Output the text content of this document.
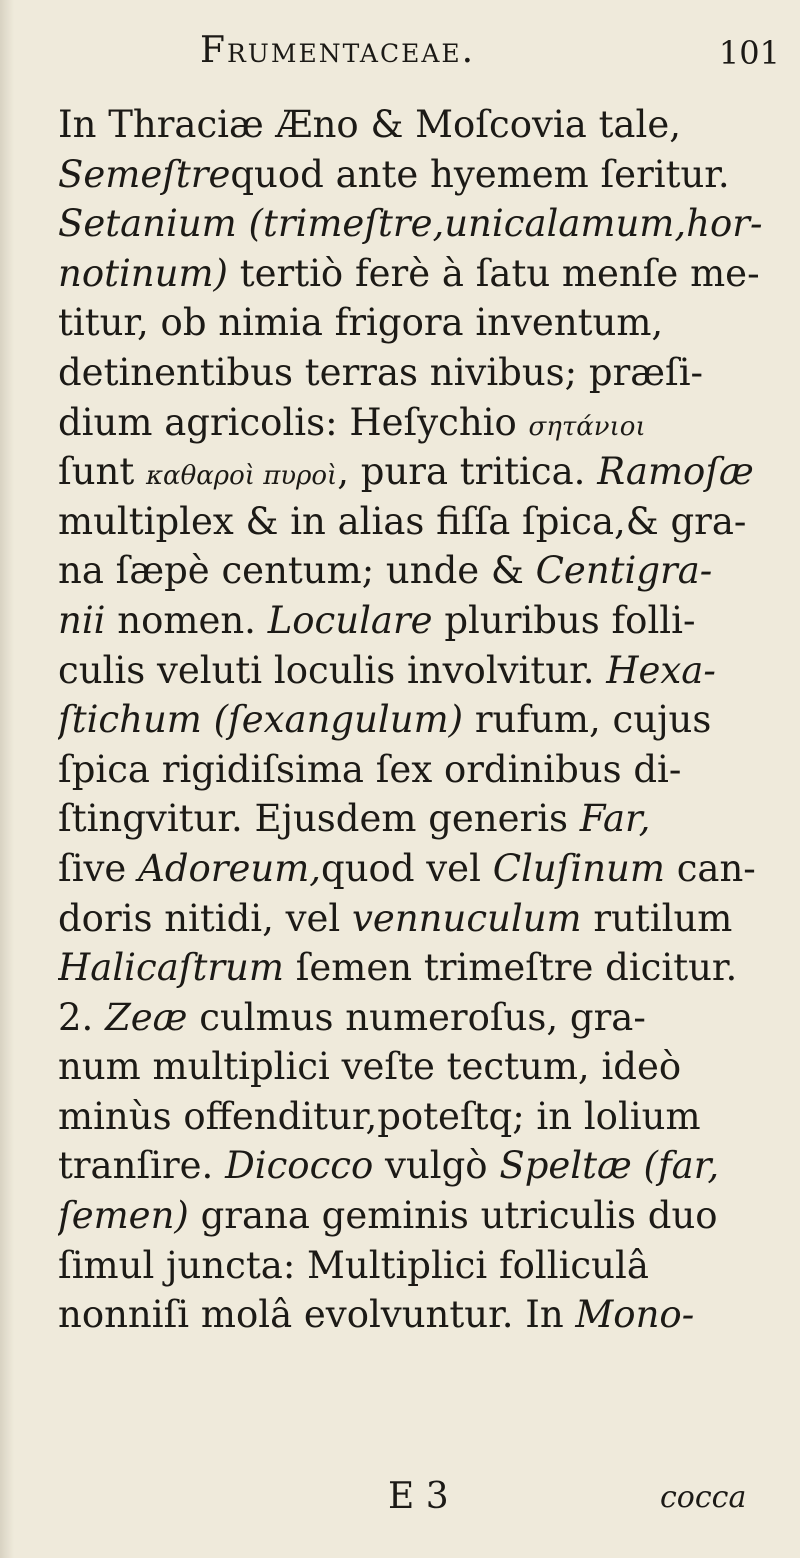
Frumentaceae.	101
In Thraciæ Æno & Moſcovia tale,
Semeſtrequod ante hyemem ſeritur.
Setanium (trimeſtre,unicalamum,hor-
notinum) tertiò ferè à ſatu menſe me-
titur, ob nimia frigora inventum,
detinentibus terras nivibus; præſi-
dium agricolis: Heſychio σητάνιοι
ſunt καθαροὶ πυροὶ, pura tritica. Ramoſæ
multiplex & in alias fiſſa ſpica,& gra-
na ſæpè centum; unde & Centigra-
nii nomen. Loculare pluribus folli-
culis veluti loculis involvitur. Hexa-
ſtichum (ſexangulum) rufum, cujus
ſpica rigidiſsima ſex ordinibus di-
ſtingvitur. Ejusdem generis Far,
ſive Adoreum,quod vel Cluſinum can-
doris nitidi, vel vennuculum rutilum
Halicaſtrum ſemen trimeſtre dicitur.
2. Zeæ culmus numeroſus, gra-
num multiplici veſte tectum, ideò
minùs offenditur,poteſtq; in lolium
tranſire. Dicocco vulgò Speltæ (far,
ſemen) grana geminis utriculis duo
ſimul juncta: Multiplici folliculâ
nonniſi molâ evolvuntur. In Mono-
E 3	cocca
